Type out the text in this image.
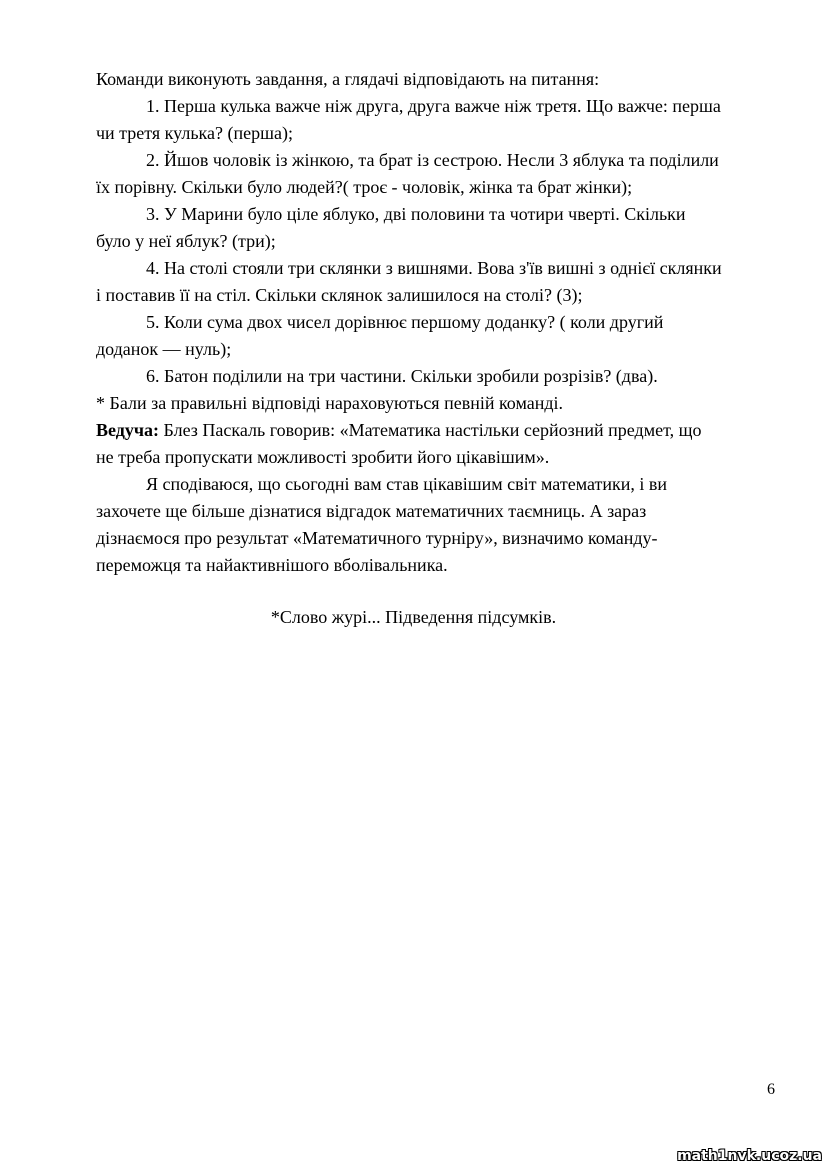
Команди виконують завдання, а глядачі відповідають на питання:
1. Перша кулька важче ніж друга, друга важче ніж третя. Що важче: перша
чи третя кулька? (перша);
2. Йшов чоловік із жінкою, та брат із сестрою. Несли 3 яблука та поділили
їх порівну. Скільки було людей?( троє - чоловік, жінка та брат жінки);
3. У Марини було ціле яблуко, дві половини та чотири чверті. Скільки
було у неї яблук? (три);
4. На столі стояли три склянки з вишнями. Вова з'їв вишні з однієї склянки
і поставив її на стіл. Скільки склянок залишилося на столі? (3);
5. Коли сума двох чисел дорівнює першому доданку? ( коли другий
доданок — нуль);
6. Батон поділили на три частини. Скільки зробили розрізів? (два).
* Бали за правильні відповіді нараховуються певній команді.
Ведуча: Блез Паскаль говорив: «Математика настільки серйозний предмет, що
не треба пропускати можливості зробити його цікавішим».
Я сподіваюся, що сьогодні вам став цікавішим світ математики, і ви
захочете ще більше дізнатися відгадок математичних таємниць. А зараз
дізнаємося про результат «Математичного турніру», визначимо команду-
переможця та найактивнішого вболівальника.
*Слово журі... Підведення підсумків.
6
math1nvk.ucoz.ua
